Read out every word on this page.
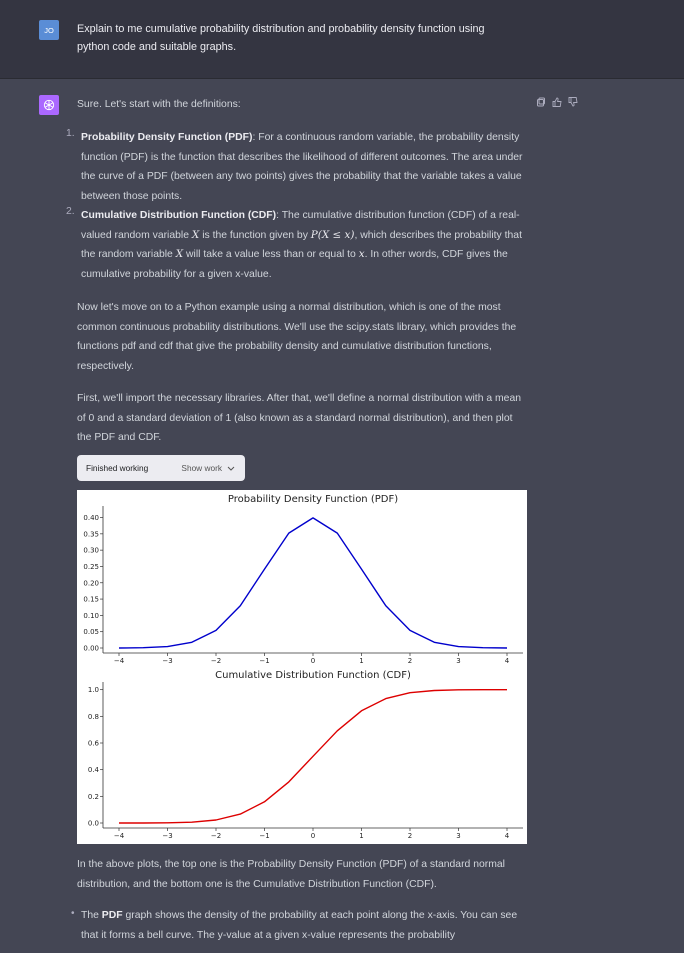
JO	Explain to me cumulative probability distribution and probability density function using python code and suitable graphs.
Sure. Let's start with the definitions:
1. Probability Density Function (PDF): For a continuous random variable, the probability density function (PDF) is the function that describes the likelihood of different outcomes. The area under the curve of a PDF (between any two points) gives the probability that the variable takes a value between those points.
2. Cumulative Distribution Function (CDF): The cumulative distribution function (CDF) of a real-valued random variable X is the function given by P(X ≤ x), which describes the probability that the random variable X will take a value less than or equal to x. In other words, CDF gives the cumulative probability for a given x-value.
Now let's move on to a Python example using a normal distribution, which is one of the most common continuous probability distributions. We'll use the scipy.stats library, which provides the functions pdf and cdf that give the probability density and cumulative distribution functions, respectively.
First, we'll import the necessary libraries. After that, we'll define a normal distribution with a mean of 0 and a standard deviation of 1 (also known as a standard normal distribution), and then plot the PDF and CDF.
Finished working	Show work
Probability Density Function (PDF)
0.00
0.05
0.10
0.15
0.20
0.25
0.30
0.35
0.40
−4	−3	−2	−1	0	1	2	3	4
Cumulative Distribution Function (CDF)
0.0
0.2
0.4
0.6
0.8
1.0
−4	−3	−2	−1	0	1	2	3	4
In the above plots, the top one is the Probability Density Function (PDF) of a standard normal distribution, and the bottom one is the Cumulative Distribution Function (CDF).
• The PDF graph shows the density of the probability at each point along the x-axis. You can see that it forms a bell curve. The y-value at a given x-value represents the probability
